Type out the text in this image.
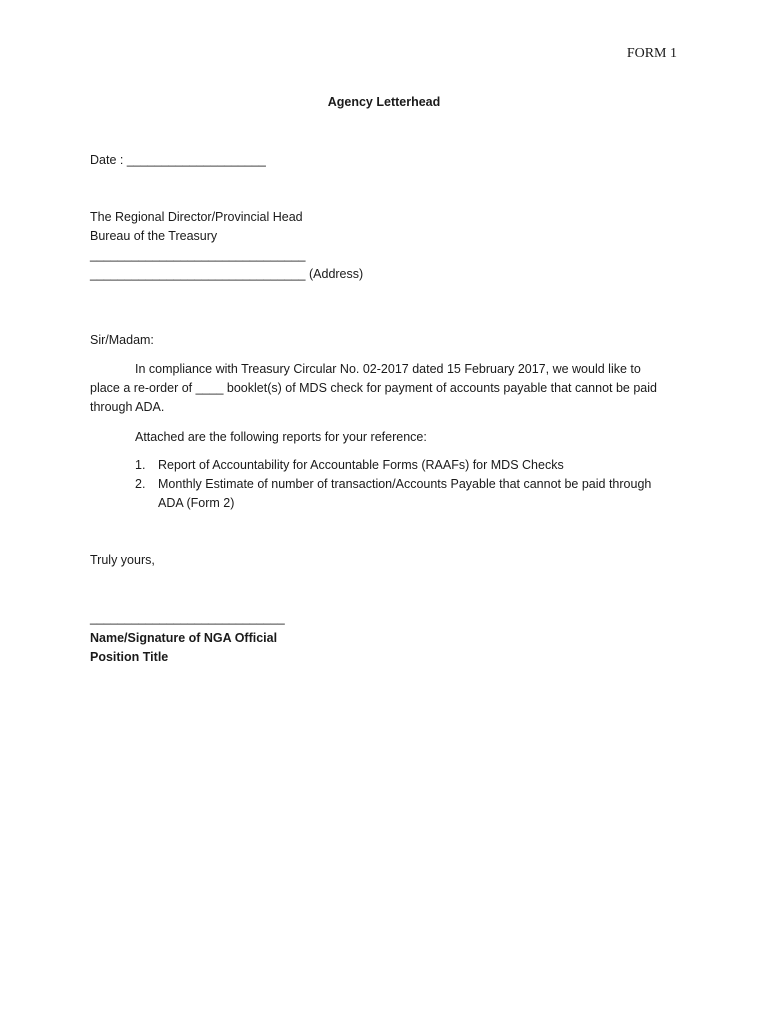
FORM 1
Agency Letterhead
Date : ____________________
The Regional Director/Provincial Head
Bureau of the Treasury
_______________________________
_______________________________ (Address)
Sir/Madam:
In compliance with Treasury Circular No. 02-2017 dated 15 February 2017, we would like to
place a re-order of ____ booklet(s) of MDS check for payment of accounts payable that cannot be paid
through ADA.
Attached are the following reports for your reference:
1. Report of Accountability for Accountable Forms (RAAFs) for MDS Checks
2. Monthly Estimate of number of transaction/Accounts Payable that cannot be paid through
ADA (Form 2)
Truly yours,
____________________________
Name/Signature of NGA Official
Position Title
